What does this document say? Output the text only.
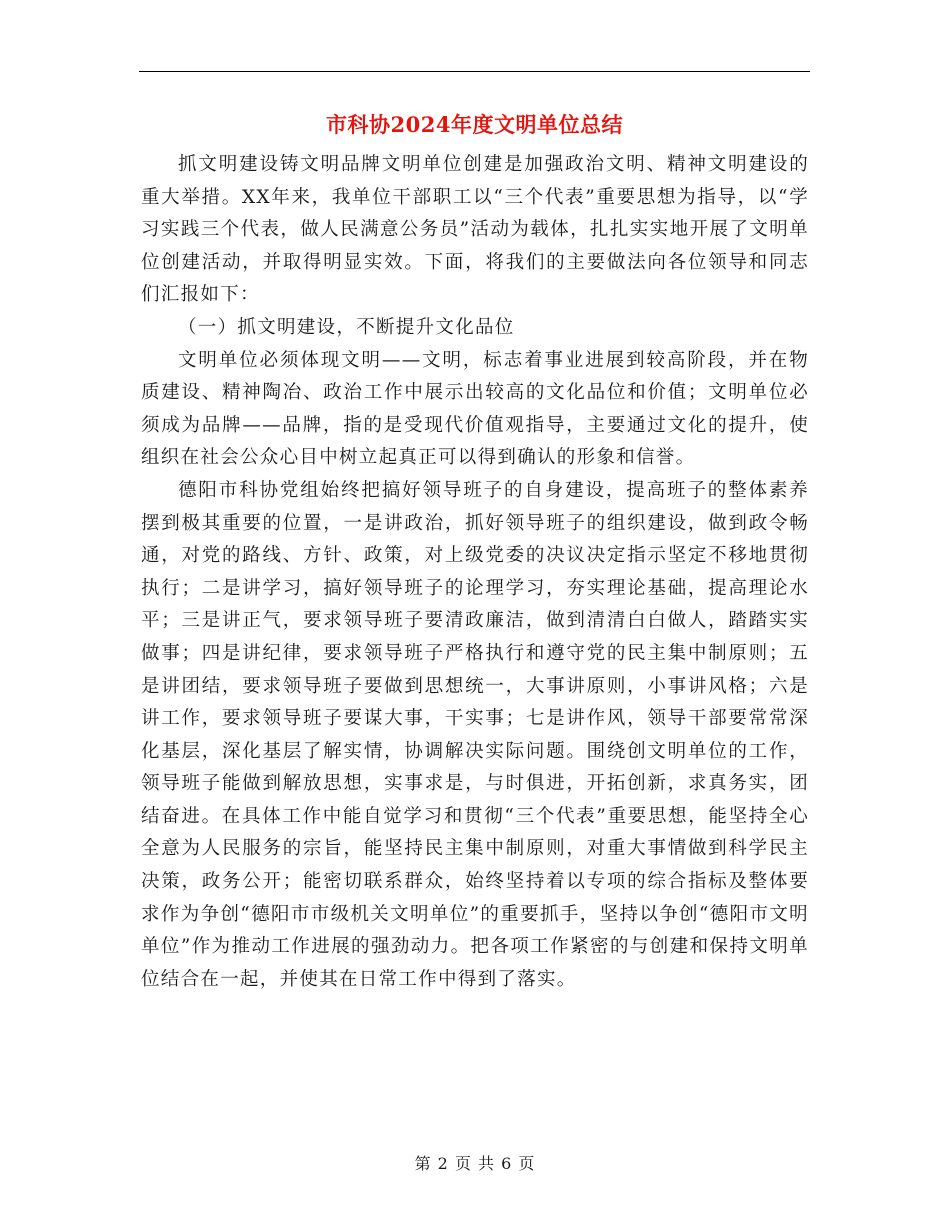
市科协2024年度文明单位总结

抓文明建设铸文明品牌文明单位创建是加强政治文明、精神文明建设的重大举措。XX年来，我单位干部职工以“三个代表”重要思想为指导，以“学习实践三个代表，做人民满意公务员”活动为载体，扎扎实实地开展了文明单位创建活动，并取得明显实效。下面，将我们的主要做法向各位领导和同志们汇报如下：

（一）抓文明建设，不断提升文化品位

文明单位必须体现文明——文明，标志着事业进展到较高阶段，并在物质建设、精神陶冶、政治工作中展示出较高的文化品位和价值；文明单位必须成为品牌——品牌，指的是受现代价值观指导，主要通过文化的提升，使组织在社会公众心目中树立起真正可以得到确认的形象和信誉。

德阳市科协党组始终把搞好领导班子的自身建设，提高班子的整体素养摆到极其重要的位置，一是讲政治，抓好领导班子的组织建设，做到政令畅通，对党的路线、方针、政策，对上级党委的决议决定指示坚定不移地贯彻执行；二是讲学习，搞好领导班子的论理学习，夯实理论基础，提高理论水平；三是讲正气，要求领导班子要清政廉洁，做到清清白白做人，踏踏实实做事；四是讲纪律，要求领导班子严格执行和遵守党的民主集中制原则；五是讲团结，要求领导班子要做到思想统一，大事讲原则，小事讲风格；六是讲工作，要求领导班子要谋大事，干实事；七是讲作风，领导干部要常常深化基层，深化基层了解实情，协调解决实际问题。围绕创文明单位的工作，领导班子能做到解放思想，实事求是，与时俱进，开拓创新，求真务实，团结奋进。在具体工作中能自觉学习和贯彻“三个代表”重要思想，能坚持全心全意为人民服务的宗旨，能坚持民主集中制原则，对重大事情做到科学民主决策，政务公开；能密切联系群众，始终坚持着以专项的综合指标及整体要求作为争创“德阳市市级机关文明单位”的重要抓手，坚持以争创“德阳市文明单位”作为推动工作进展的强劲动力。把各项工作紧密的与创建和保持文明单位结合在一起，并使其在日常工作中得到了落实。

第 2 页 共 6 页
